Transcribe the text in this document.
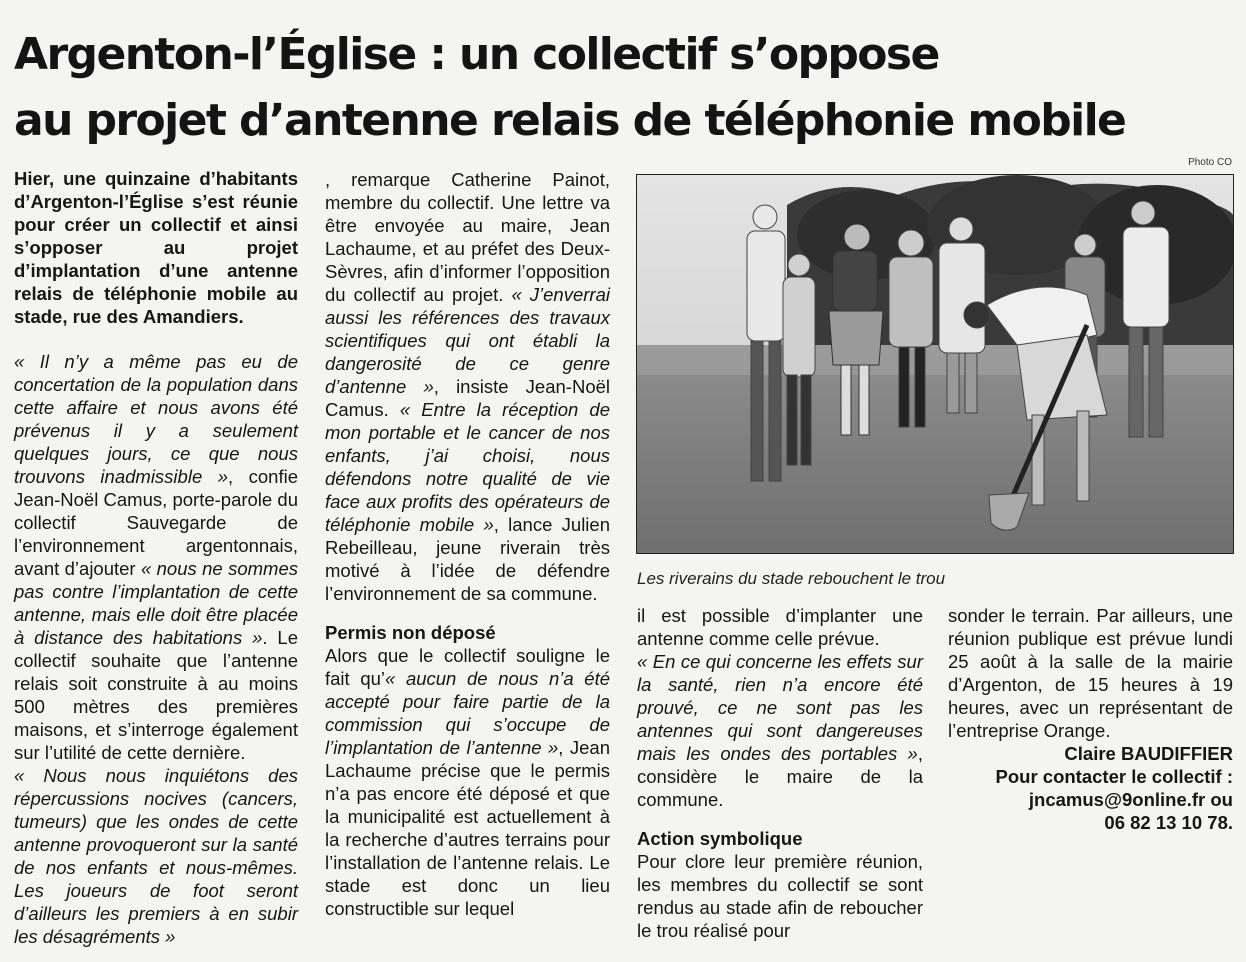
Argenton-l’Église : un collectif s’oppose
au projet d’antenne relais de téléphonie mobile
Photo CO

Hier, une quinzaine d’habitants d’Argenton-l’Église s’est réunie pour créer un collectif et ainsi s’opposer au projet d’implantation d’une antenne relais de téléphonie mobile au stade, rue des Amandiers.

« Il n’y a même pas eu de concertation de la population dans cette affaire et nous avons été prévenus il y a seulement quelques jours, ce que nous trouvons inadmissible », confie Jean-Noël Camus, porte-parole du collectif Sauvegarde de l’environnement argentonnais, avant d’ajouter « nous ne sommes pas contre l’implantation de cette antenne, mais elle doit être placée à distance des habitations ». Le collectif souhaite que l’antenne relais soit construite à au moins 500 mètres des premières maisons, et s’interroge également sur l’utilité de cette dernière.

« Nous nous inquiétons des répercussions nocives (cancers, tumeurs) que les ondes de cette antenne provoqueront sur la santé de nos enfants et nous-mêmes. Les joueurs de foot seront d’ailleurs les premiers à en subir les désagréments »

, remarque Catherine Painot, membre du collectif. Une lettre va être envoyée au maire, Jean Lachaume, et au préfet des Deux-Sèvres, afin d’informer l’opposition du collectif au projet. « J’enverrai aussi les références des travaux scientifiques qui ont établi la dangerosité de ce genre d’antenne », insiste Jean-Noël Camus. « Entre la réception de mon portable et le cancer de nos enfants, j’ai choisi, nous défendons notre qualité de vie face aux profits des opérateurs de téléphonie mobile », lance Julien Rebeilleau, jeune riverain très motivé à l’idée de défendre l’environnement de sa commune.

Permis non déposé

Alors que le collectif souligne le fait qu’« aucun de nous n’a été accepté pour faire partie de la commission qui s’occupe de l’implantation de l’antenne », Jean Lachaume précise que le permis n’a pas encore été déposé et que la municipalité est actuellement à la recherche d’autres terrains pour l’installation de l’antenne relais. Le stade est donc un lieu constructible sur lequel

Les riverains du stade rebouchent le trou

il est possible d’implanter une antenne comme celle prévue.

« En ce qui concerne les effets sur la santé, rien n’a encore été prouvé, ce ne sont pas les antennes qui sont dangereuses mais les ondes des portables », considère le maire de la commune.

Action symbolique

Pour clore leur première réunion, les membres du collectif se sont rendus au stade afin de reboucher le trou réalisé pour

sonder le terrain. Par ailleurs, une réunion publique est prévue lundi 25 août à la salle de la mairie d’Argenton, de 15 heures à 19 heures, avec un représentant de l’entreprise Orange.

Claire BAUDIFFIER
Pour contacter le collectif :
jncamus@9online.fr ou
06 82 13 10 78.
